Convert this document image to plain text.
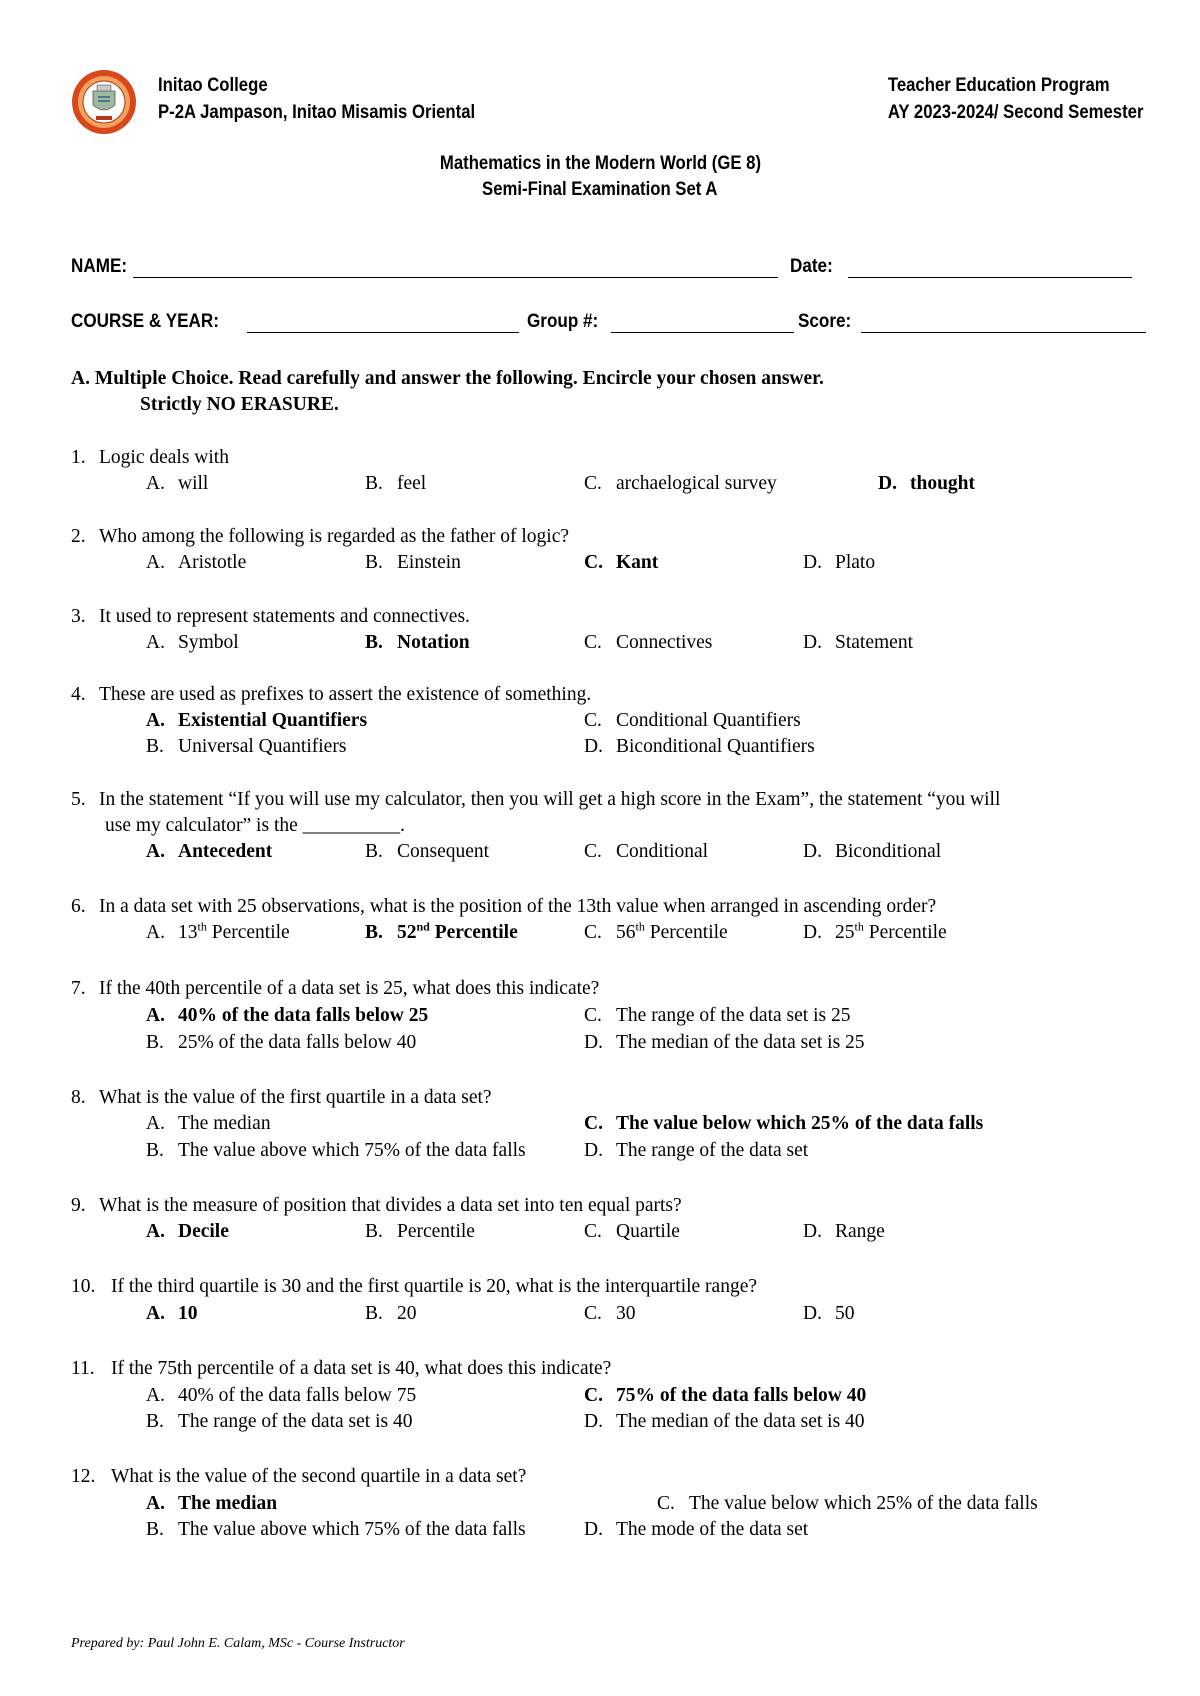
Initao College
P-2A Jampason, Initao Misamis Oriental
Teacher Education Program
AY 2023-2024/ Second Semester
Mathematics in the Modern World (GE 8)
Semi-Final Examination Set A
NAME:	Date:
COURSE & YEAR:	Group #:	Score:
A. Multiple Choice. Read carefully and answer the following. Encircle your chosen answer.
Strictly NO ERASURE.
1. Logic deals with
A. will	B. feel	C. archaelogical survey	D. thought
2. Who among the following is regarded as the father of logic?
A. Aristotle	B. Einstein	C. Kant	D. Plato
3. It used to represent statements and connectives.
A. Symbol	B. Notation	C. Connectives	D. Statement
4. These are used as prefixes to assert the existence of something.
A. Existential Quantifiers	C. Conditional Quantifiers
B. Universal Quantifiers	D. Biconditional Quantifiers
5. In the statement “If you will use my calculator, then you will get a high score in the Exam”, the statement “you will
use my calculator” is the __________.
A. Antecedent	B. Consequent	C. Conditional	D. Biconditional
6. In a data set with 25 observations, what is the position of the 13th value when arranged in ascending order?
A. 13th Percentile	B. 52nd Percentile	C. 56th Percentile	D. 25th Percentile
7. If the 40th percentile of a data set is 25, what does this indicate?
A. 40% of the data falls below 25	C. The range of the data set is 25
B. 25% of the data falls below 40	D. The median of the data set is 25
8. What is the value of the first quartile in a data set?
A. The median	C. The value below which 25% of the data falls
B. The value above which 75% of the data falls	D. The range of the data set
9. What is the measure of position that divides a data set into ten equal parts?
A. Decile	B. Percentile	C. Quartile	D. Range
10. If the third quartile is 30 and the first quartile is 20, what is the interquartile range?
A. 10	B. 20	C. 30	D. 50
11. If the 75th percentile of a data set is 40, what does this indicate?
A. 40% of the data falls below 75	C. 75% of the data falls below 40
B. The range of the data set is 40	D. The median of the data set is 40
12. What is the value of the second quartile in a data set?
A. The median	C. The value below which 25% of the data falls
B. The value above which 75% of the data falls	D. The mode of the data set
Prepared by: Paul John E. Calam, MSc - Course Instructor
